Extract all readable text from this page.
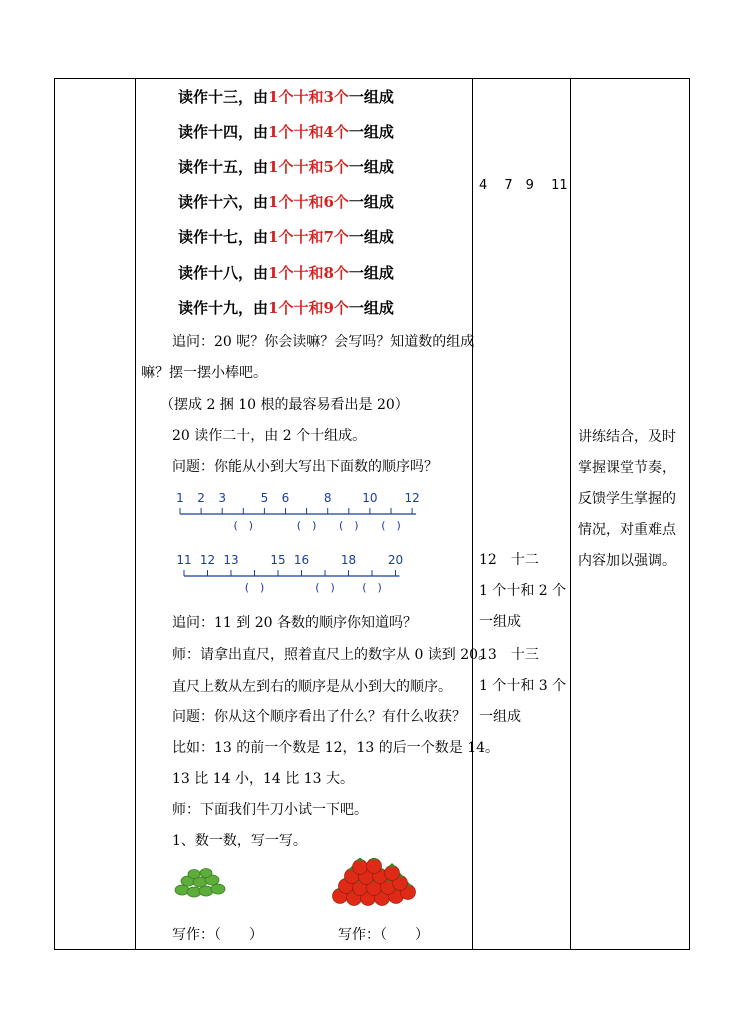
读作十三，由1个十和3个一组成
读作十四，由1个十和4个一组成
读作十五，由1个十和5个一组成
读作十六，由1个十和6个一组成
读作十七，由1个十和7个一组成
读作十八，由1个十和8个一组成
读作十九，由1个十和9个一组成
追问：20 呢？你会读嘛？会写吗？知道数的组成
嘛？摆一摆小棒吧。
（摆成 2 捆 10 根的最容易看出是 20）
20 读作二十，由 2 个十组成。
问题：你能从小到大写出下面数的顺序吗？
1 2 3	5 6	8	10 12
(　)	(　) (　) (　)
11 12 13	15 16	18	20
(　)	(　) (　)
追问：11 到 20 各数的顺序你知道吗？
师：请拿出直尺，照着直尺上的数字从 0 读到 20。
直尺上数从左到右的顺序是从小到大的顺序。
问题：你从这个顺序看出了什么？有什么收获？
比如：13 的前一个数是 12，13 的后一个数是 14。
13 比 14 小，14 比 13 大。
师：下面我们牛刀小试一下吧。
1、数一数，写一写。
写作：（　　）	写作：（　　）
4　 7　9　 11
12　十二
1 个十和 2 个
一组成
13　十三
1 个十和 3 个
一组成
讲练结合，及时
掌握课堂节奏，
反馈学生掌握的
情况，对重难点
内容加以强调。
